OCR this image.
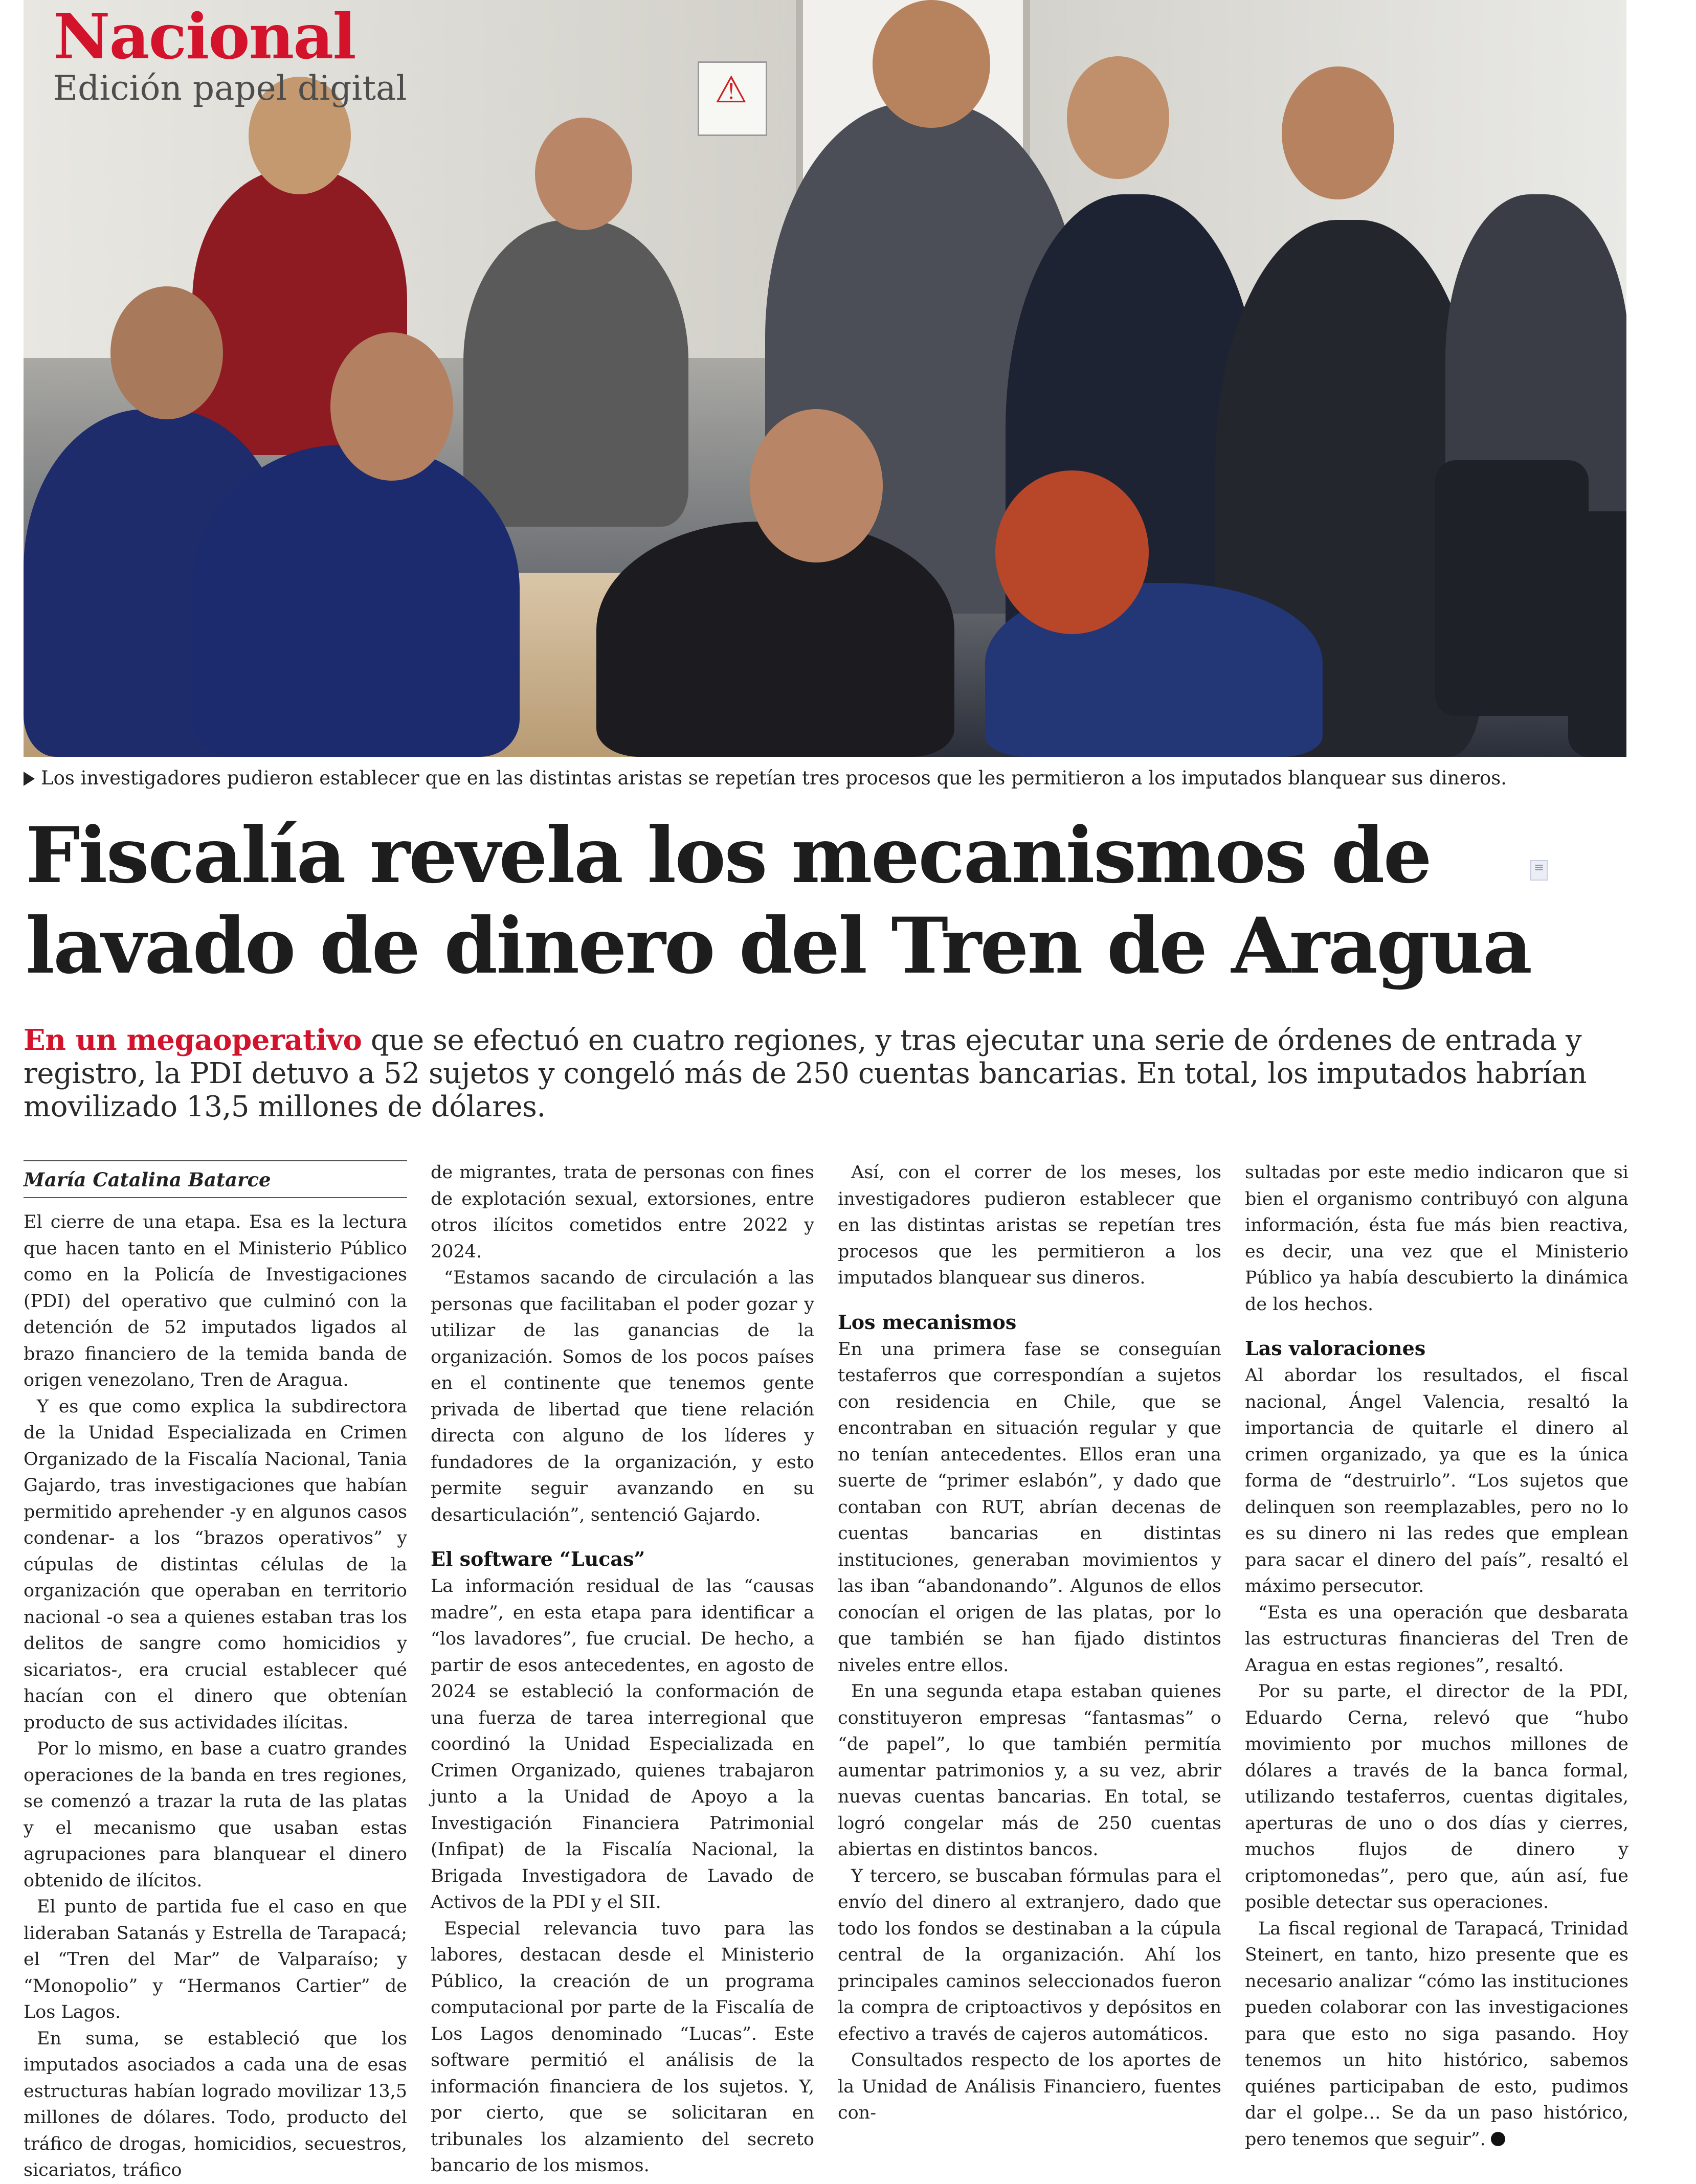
⚠
Nacional
Edición papel digital

Los investigadores pudieron establecer que en las distintas aristas se repetían tres procesos que les permitieron a los imputados blanquear sus dineros.

Fiscalía revela los mecanismos de lavado de dinero del Tren de Aragua
≡

En un megaoperativo que se efectuó en cuatro regiones, y tras ejecutar una serie de órdenes de entrada y registro, la PDI detuvo a 52 sujetos y congeló más de 250 cuentas bancarias. En total, los imputados habrían movilizado 13,5 millones de dólares.

María Catalina Batarce

El cierre de una etapa. Esa es la lectura que hacen tanto en el Ministerio Público como en la Policía de Investigaciones (PDI) del operativo que culminó con la detención de 52 imputados ligados al brazo financiero de la temida banda de origen venezolano, Tren de Aragua.

Y es que como explica la subdirectora de la Unidad Especializada en Crimen Organizado de la Fiscalía Nacional, Tania Gajardo, tras investigaciones que habían permitido aprehender -y en algunos casos condenar- a los “brazos operativos” y cúpulas de distintas células de la organización que operaban en territorio nacional -o sea a quienes estaban tras los delitos de sangre como homicidios y sicariatos-, era crucial establecer qué hacían con el dinero que obtenían producto de sus actividades ilícitas.

Por lo mismo, en base a cuatro grandes operaciones de la banda en tres regiones, se comenzó a trazar la ruta de las platas y el mecanismo que usaban estas agrupaciones para blanquear el dinero obtenido de ilícitos.

El punto de partida fue el caso en que lideraban Satanás y Estrella de Tarapacá; el “Tren del Mar” de Valparaíso; y “Monopolio” y “Hermanos Cartier” de Los Lagos.

En suma, se estableció que los imputados asociados a cada una de esas estructuras habían logrado movilizar 13,5 millones de dólares. Todo, producto del tráfico de drogas, homicidios, secuestros, sicariatos, tráfico

de migrantes, trata de personas con fines de explotación sexual, extorsiones, entre otros ilícitos cometidos entre 2022 y 2024.

“Estamos sacando de circulación a las personas que facilitaban el poder gozar y utilizar de las ganancias de la organización. Somos de los pocos países en el continente que tenemos gente privada de libertad que tiene relación directa con alguno de los líderes y fundadores de la organización, y esto permite seguir avanzando en su desarticulación”, sentenció Gajardo.

El software “Lucas”

La información residual de las “causas madre”, en esta etapa para identificar a “los lavadores”, fue crucial. De hecho, a partir de esos antecedentes, en agosto de 2024 se estableció la conformación de una fuerza de tarea interregional que coordinó la Unidad Especializada en Crimen Organizado, quienes trabajaron junto a la Unidad de Apoyo a la Investigación Financiera Patrimonial (Infipat) de la Fiscalía Nacional, la Brigada Investigadora de Lavado de Activos de la PDI y el SII.

Especial relevancia tuvo para las labores, destacan desde el Ministerio Público, la creación de un programa computacional por parte de la Fiscalía de Los Lagos denominado “Lucas”. Este software permitió el análisis de la información financiera de los sujetos. Y, por cierto, que se solicitaran en tribunales los alzamiento del secreto bancario de los mismos.

Así, con el correr de los meses, los investigadores pudieron establecer que en las distintas aristas se repetían tres procesos que les permitieron a los imputados blanquear sus dineros.

Los mecanismos

En una primera fase se conseguían testaferros que correspondían a sujetos con residencia en Chile, que se encontraban en situación regular y que no tenían antecedentes. Ellos eran una suerte de “primer eslabón”, y dado que contaban con RUT, abrían decenas de cuentas bancarias en distintas instituciones, generaban movimientos y las iban “abandonando”. Algunos de ellos conocían el origen de las platas, por lo que también se han fijado distintos niveles entre ellos.

En una segunda etapa estaban quienes constituyeron empresas “fantasmas” o “de papel”, lo que también permitía aumentar patrimonios y, a su vez, abrir nuevas cuentas bancarias. En total, se logró congelar más de 250 cuentas abiertas en distintos bancos.

Y tercero, se buscaban fórmulas para el envío del dinero al extranjero, dado que todo los fondos se destinaban a la cúpula central de la organización. Ahí los principales caminos seleccionados fueron la compra de criptoactivos y depósitos en efectivo a través de cajeros automáticos.

Consultados respecto de los aportes de la Unidad de Análisis Financiero, fuentes con-

sultadas por este medio indicaron que si bien el organismo contribuyó con alguna información, ésta fue más bien reactiva, es decir, una vez que el Ministerio Público ya había descubierto la dinámica de los hechos.

Las valoraciones

Al abordar los resultados, el fiscal nacional, Ángel Valencia, resaltó la importancia de quitarle el dinero al crimen organizado, ya que es la única forma de “destruirlo”. “Los sujetos que delinquen son reemplazables, pero no lo es su dinero ni las redes que emplean para sacar el dinero del país”, resaltó el máximo persecutor.

“Esta es una operación que desbarata las estructuras financieras del Tren de Aragua en estas regiones”, resaltó.

Por su parte, el director de la PDI, Eduardo Cerna, relevó que “hubo movimiento por muchos millones de dólares a través de la banca formal, utilizando testaferros, cuentas digitales, aperturas de uno o dos días y cierres, muchos flujos de dinero y criptomonedas”, pero que, aún así, fue posible detectar sus operaciones.

La fiscal regional de Tarapacá, Trinidad Steinert, en tanto, hizo presente que es necesario analizar “cómo las instituciones pueden colaborar con las investigaciones para que esto no siga pasando. Hoy tenemos un hito histórico, sabemos quiénes participaban de esto, pudimos dar el golpe… Se da un paso histórico, pero tenemos que seguir”.
